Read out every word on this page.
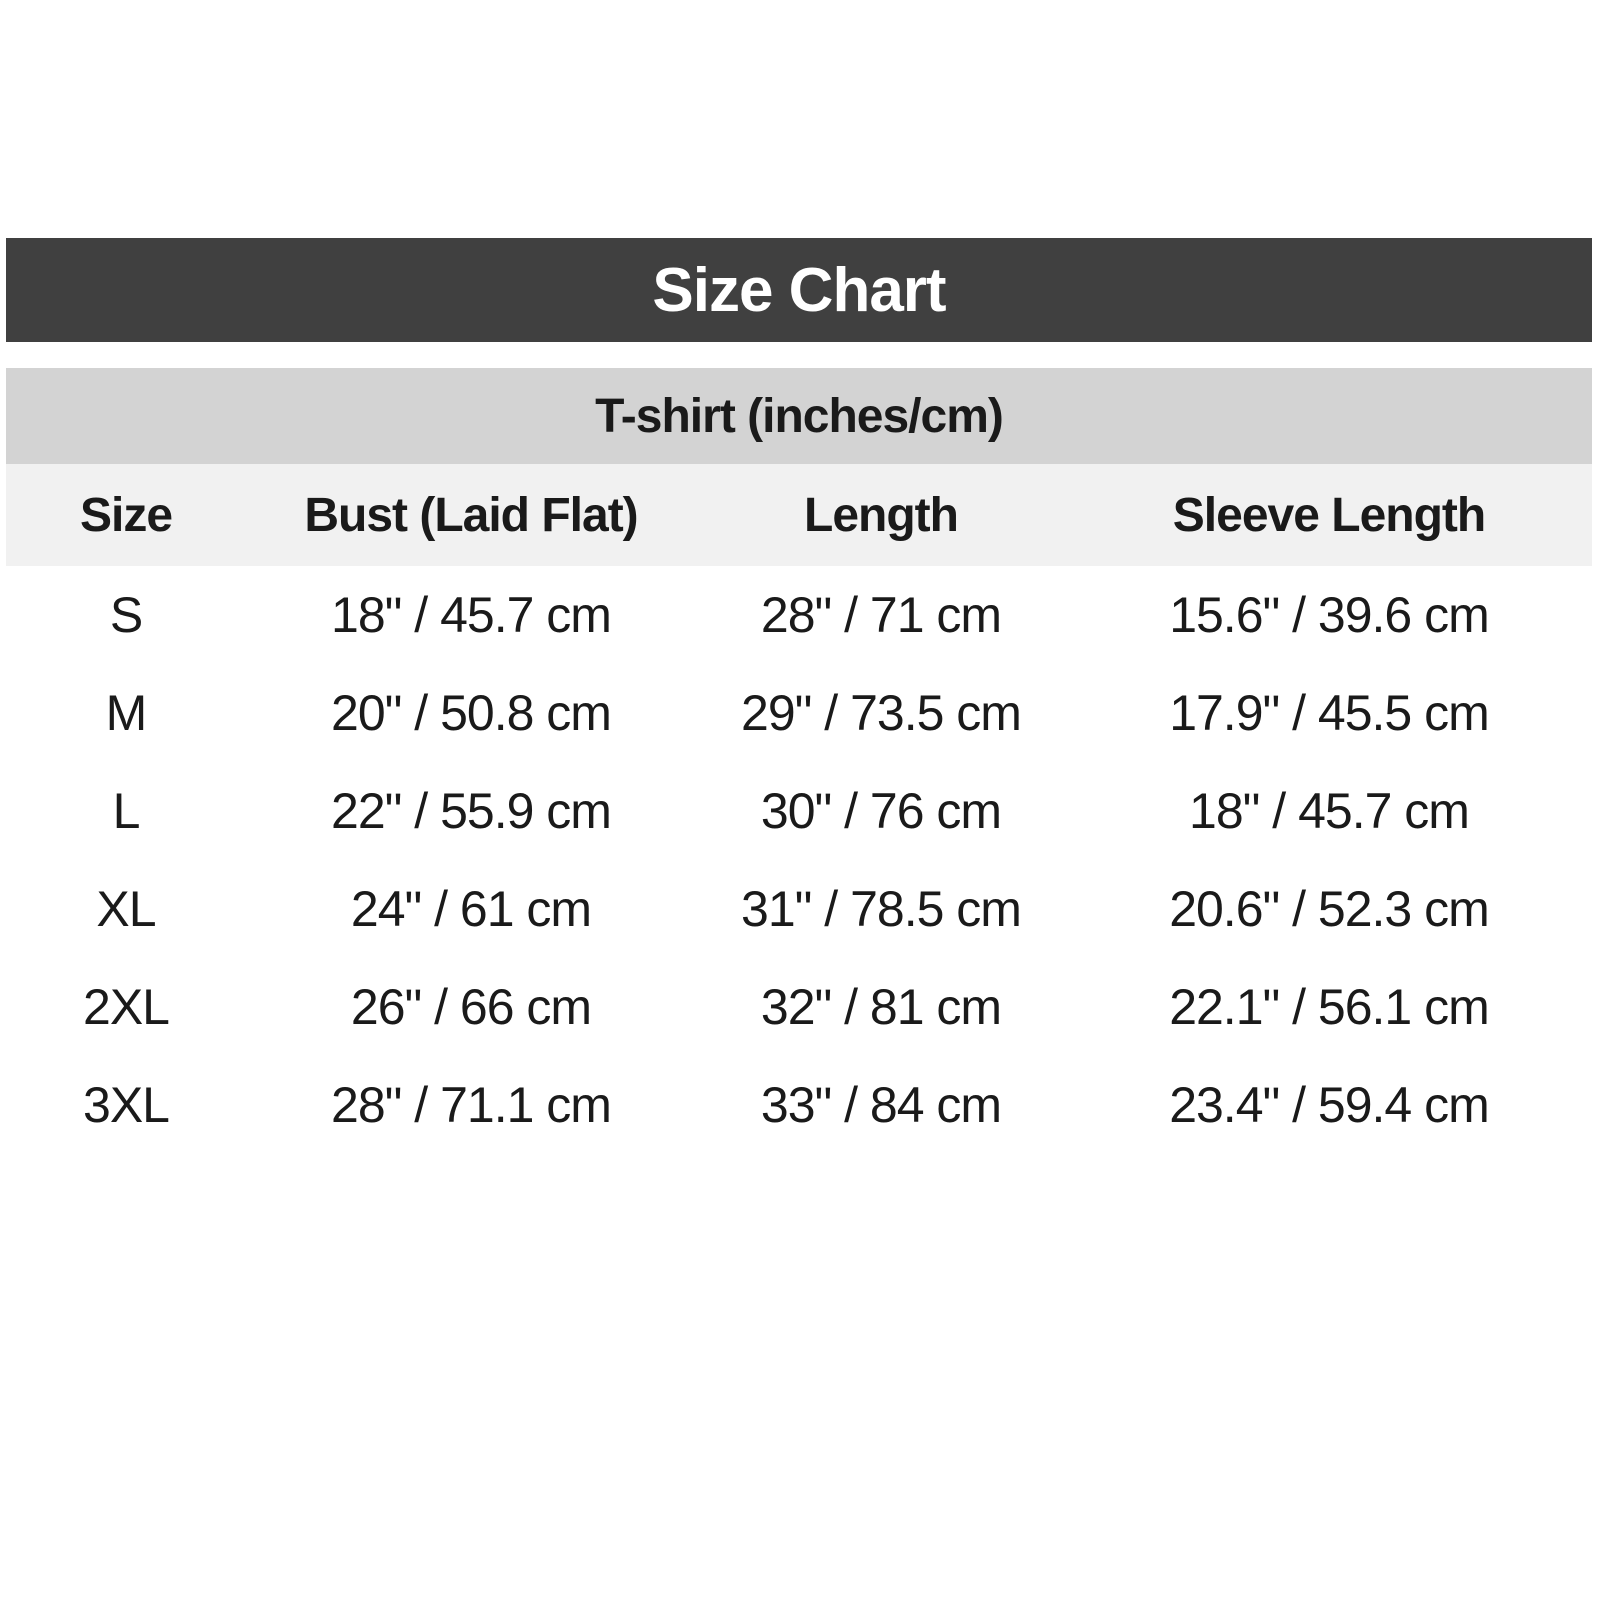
Size Chart
T-shirt (inches/cm)
Size	Bust (Laid Flat)	Length	Sleeve Length
S	18" / 45.7 cm	28" / 71 cm	15.6" / 39.6 cm
M	20" / 50.8 cm	29" / 73.5 cm	17.9" / 45.5 cm
L	22" / 55.9 cm	30" / 76 cm	18" / 45.7 cm
XL	24" / 61 cm	31" / 78.5 cm	20.6" / 52.3 cm
2XL	26" / 66 cm	32" / 81 cm	22.1" / 56.1 cm
3XL	28" / 71.1 cm	33" / 84 cm	23.4" / 59.4 cm
